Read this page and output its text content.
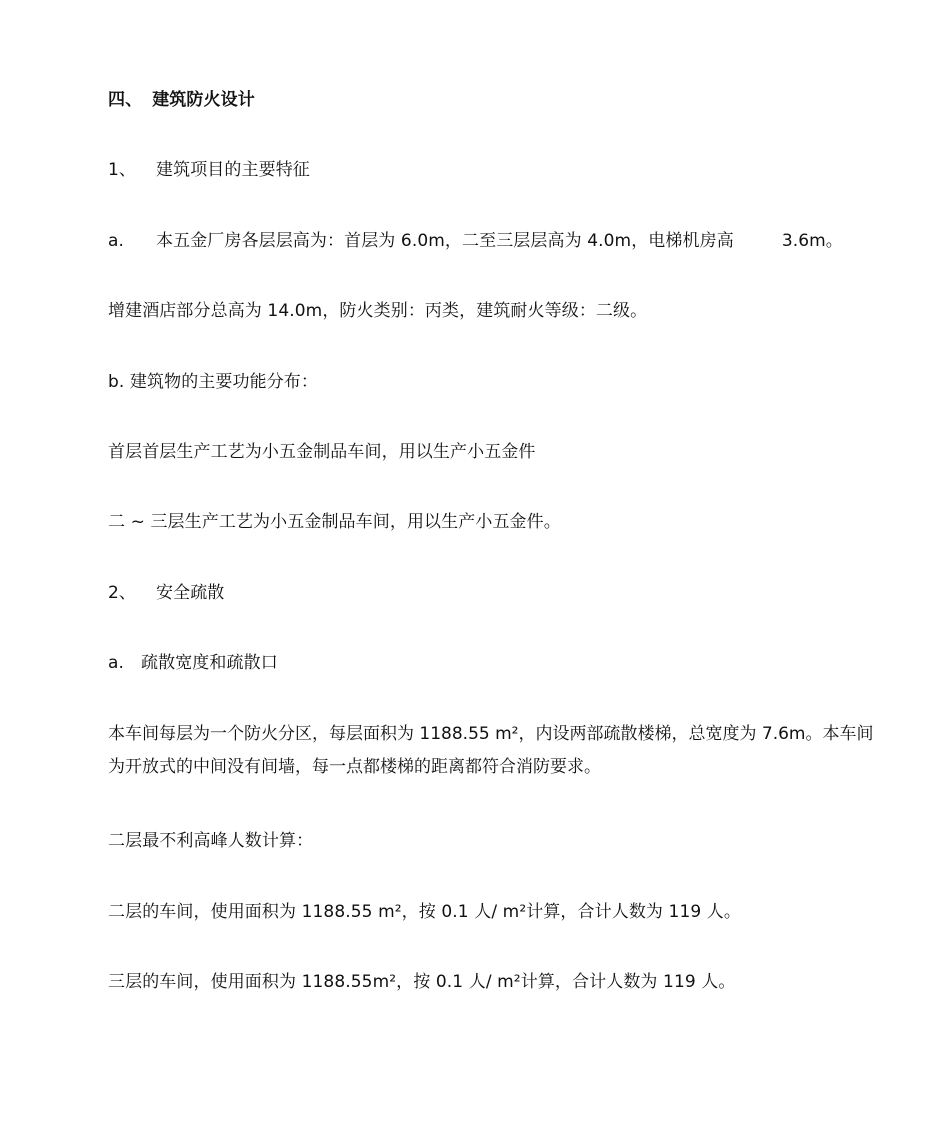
四、 建筑防火设计
1、 建筑项目的主要特征
a. 本五金厂房各层层高为：首层为 6.0m，二至三层层高为 4.0m，电梯机房高	3.6m。
增建酒店部分总高为 14.0m，防火类别：丙类，建筑耐火等级：二级。
b. 建筑物的主要功能分布：
首层首层生产工艺为小五金制品车间，用以生产小五金件
二 ~ 三层生产工艺为小五金制品车间，用以生产小五金件。
2、 安全疏散
a. 疏散宽度和疏散口
本车间每层为一个防火分区，每层面积为 1188.55 m²，内设两部疏散楼梯，总宽度为 7.6m。本车间为开放式的中间没有间墙，每一点都楼梯的距离都符合消防要求。
二层最不利高峰人数计算：
二层的车间，使用面积为 1188.55 m²，按 0.1 人/ m²计算，合计人数为 119 人。
三层的车间，使用面积为 1188.55m²，按 0.1 人/ m²计算，合计人数为 119 人。
